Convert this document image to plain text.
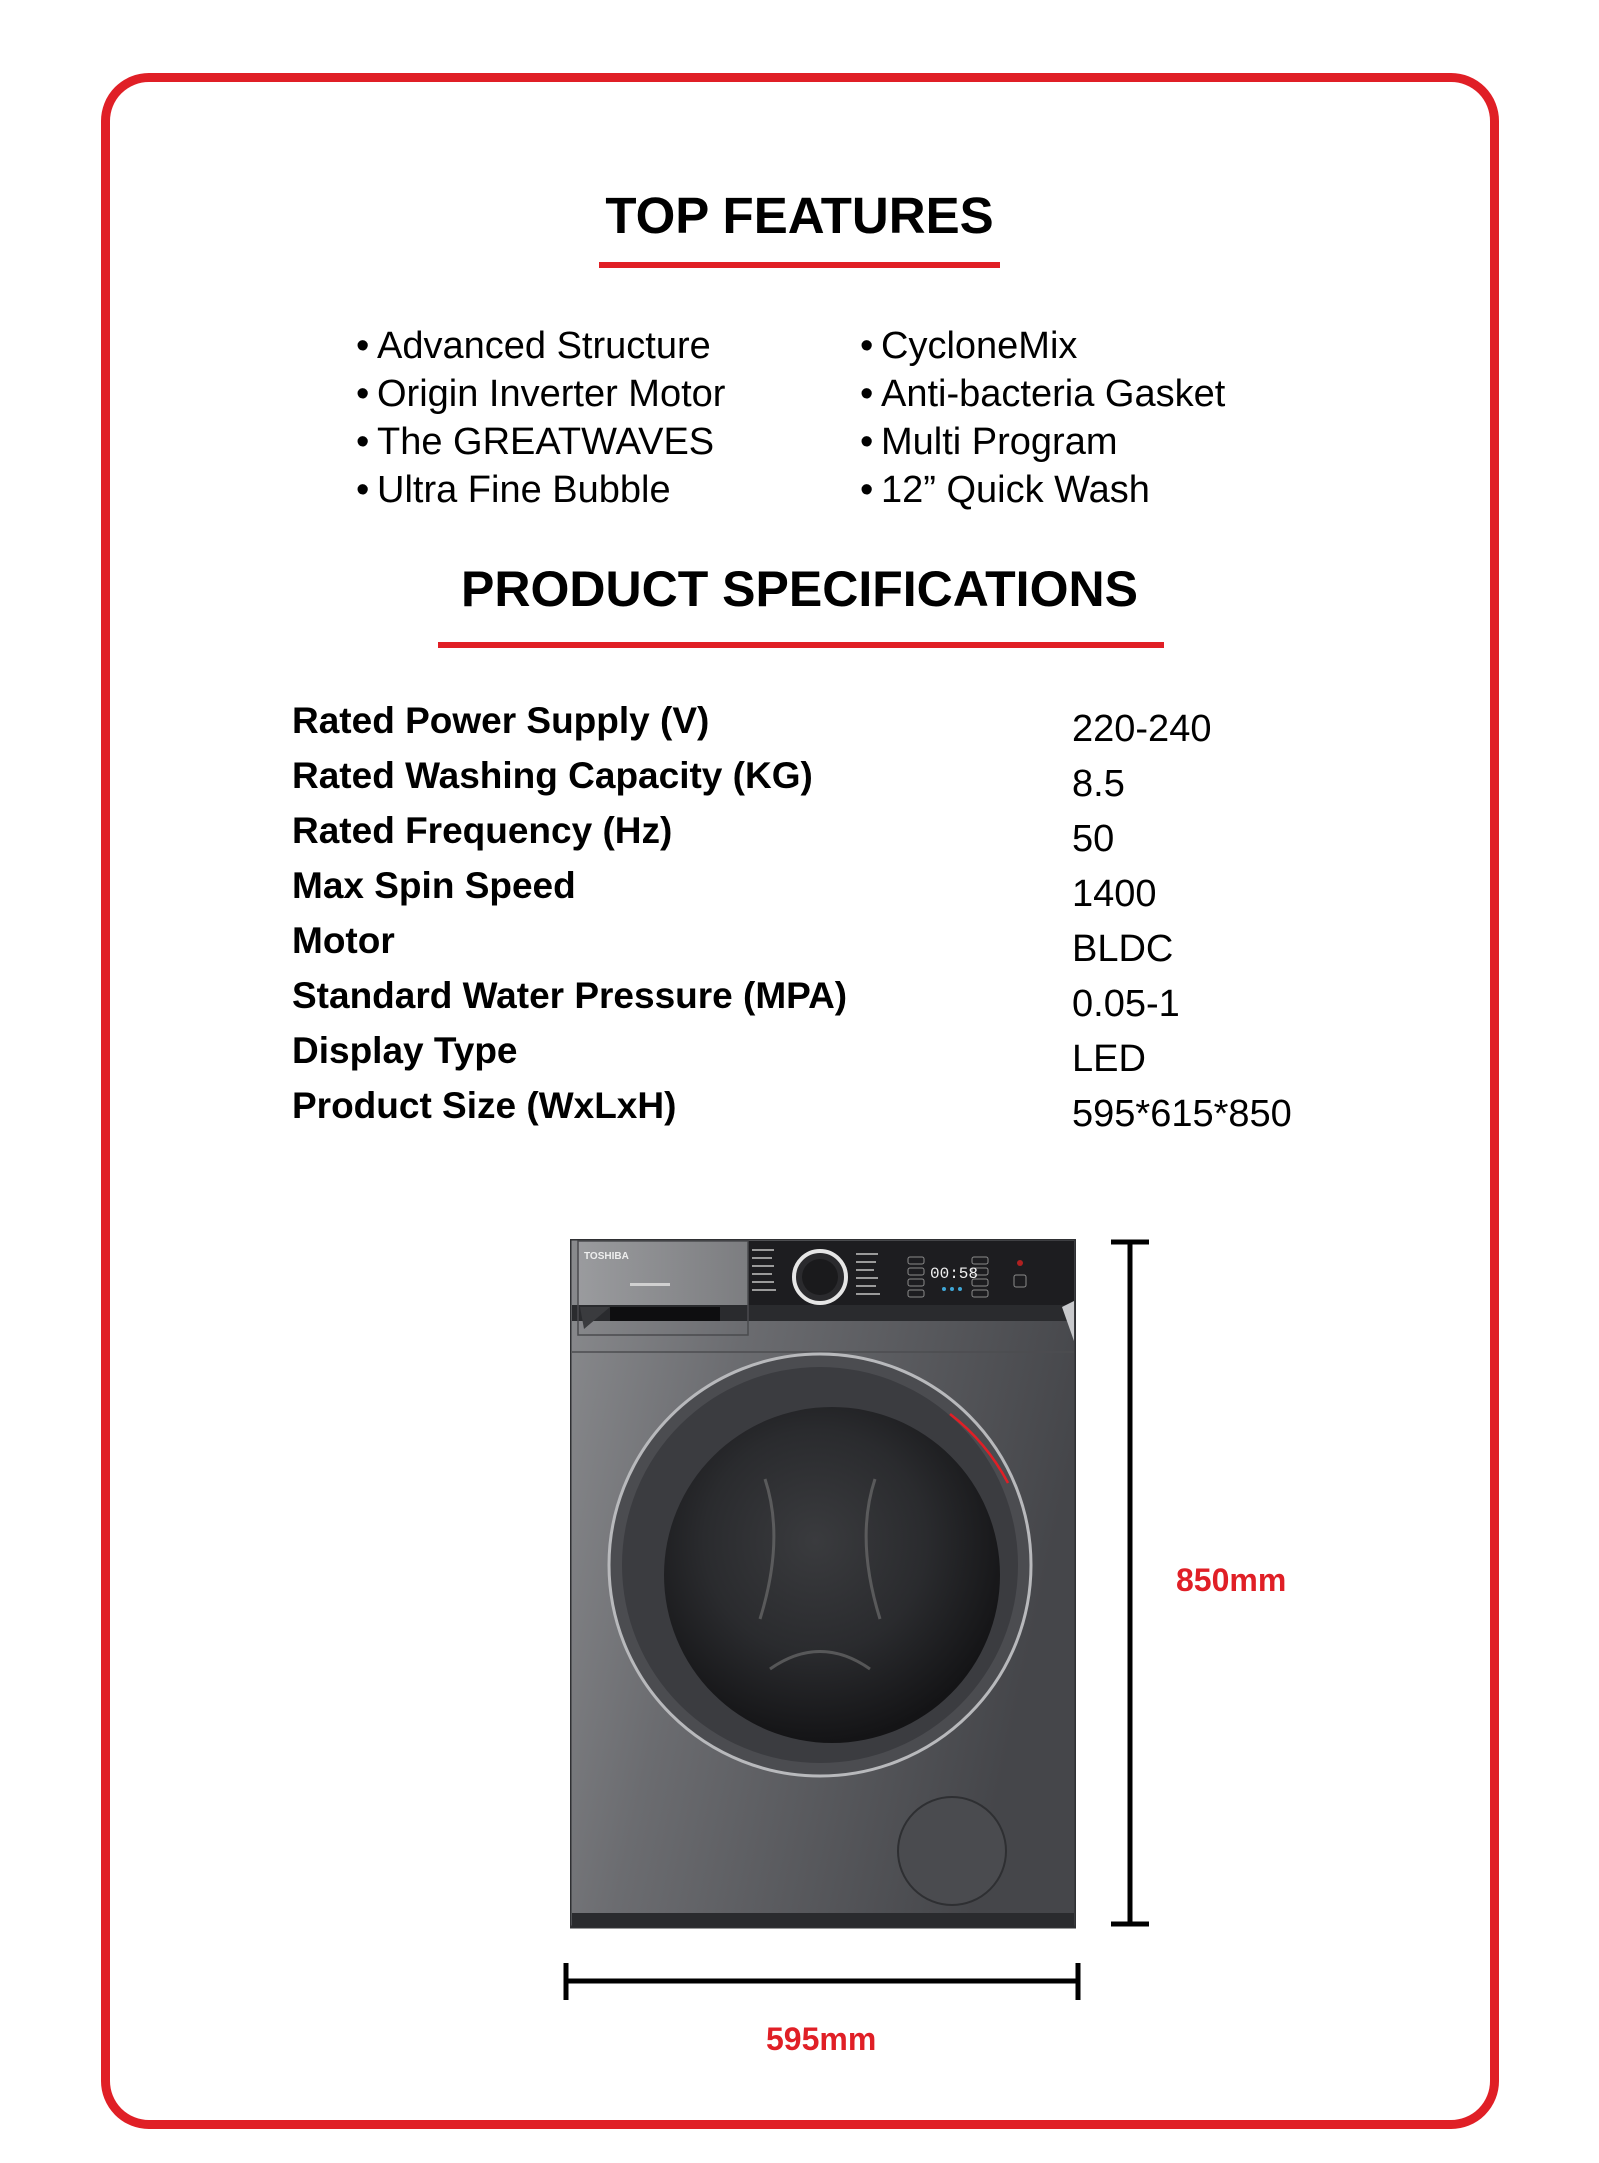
TOP FEATURES
• Advanced Structure
• Origin Inverter Motor
• The GREATWAVES
• Ultra Fine Bubble
• CycloneMix
• Anti-bacteria Gasket
• Multi Program
• 12” Quick Wash
PRODUCT SPECIFICATIONS
Rated Power Supply (V)	220-240
Rated Washing Capacity (KG)	8.5
Rated Frequency (Hz)	50
Max Spin Speed	1400
Motor	BLDC
Standard Water Pressure (MPA)	0.05-1
Display Type	LED
Product Size (WxLxH)	595*615*850
TOSHIBA
00:58
850mm
595mm
